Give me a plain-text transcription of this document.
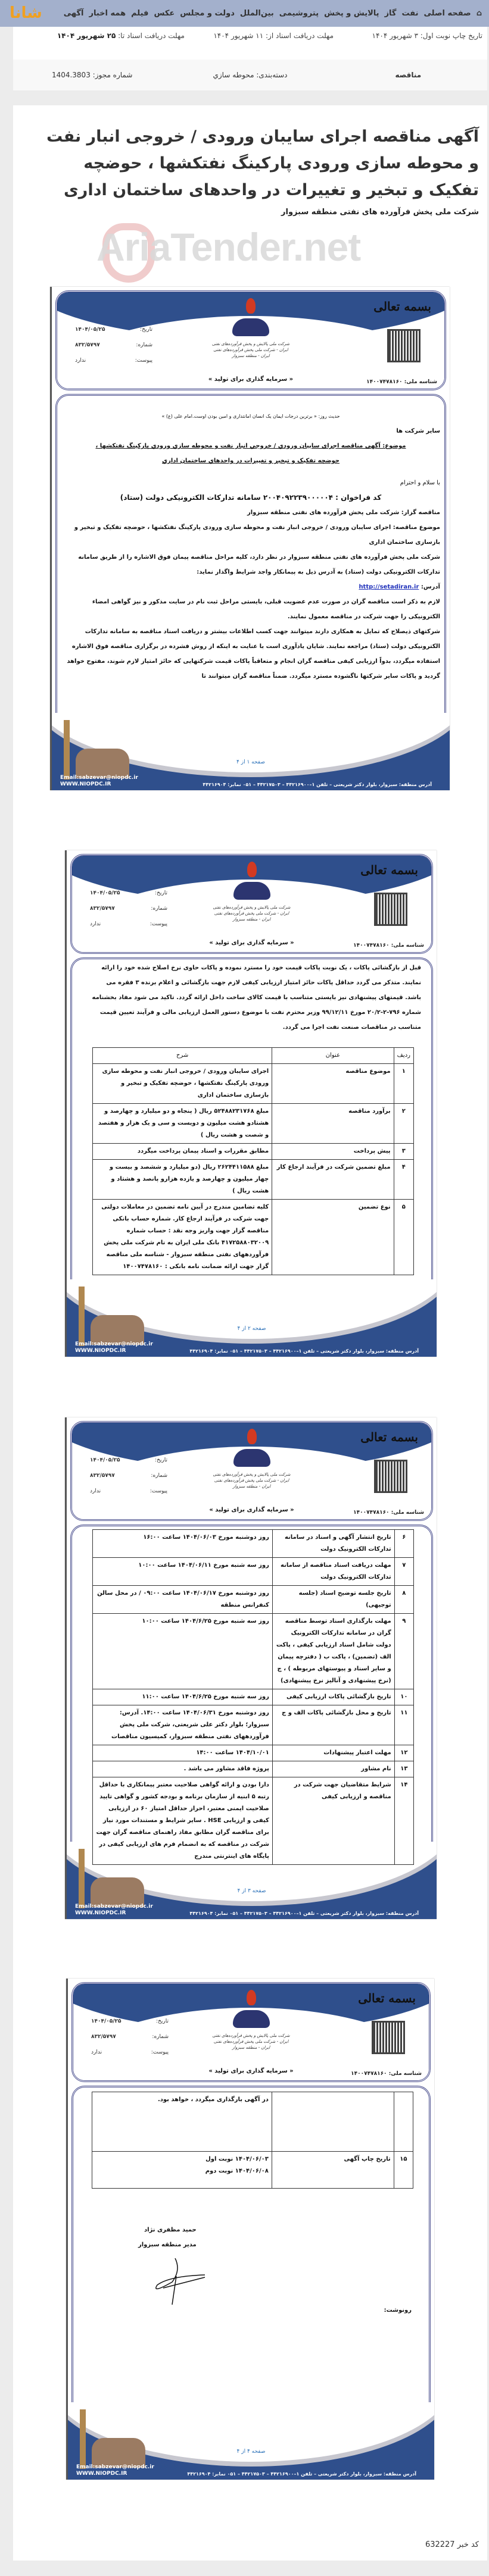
⌂
صفحه اصلی
نفت
گاز
پالایش و پخش
پتروشیمی
بین‌الملل
دولت و مجلس
عکس
فیلم
همه اخبار
آگهی
شانا
تاریخ چاپ نوبت اول: ۳ شهریور ۱۴۰۴
مهلت دریافت اسناد از: ۱۱ شهریور ۱۴۰۴
مهلت دریافت اسناد تا: ۲۵ شهریور ۱۴۰۴
مناقصه
دسته‌بندی: محوطه سازي
شماره مجوز: 1404.3803
AriaTender.net
آگهی مناقصه اجرای سایبان ورودی / خروجی انبار نفت و محوطه سازی ورودی پارکینگ نفتکشها ، حوضچه تفکیک و تبخیر و تغییرات در واحدهای ساختمان اداری
شرکت ملی پخش فرآورده های نفتی منطقه سبزوار
کد خبر 632227
بسمه تعالی
شناسه ملی: ۱۴۰۰۷۴۷۸۱۶۰
شرکت ملی پالایش و پخش فرآورده‌های نفتی ایران - شرکت ملی پخش فرآورده‌های نفتی ایران - منطقه سبزوار
« سرمایه گذاری برای تولید »
تاریخ:
۱۴۰۴/۰۵/۲۵
شماره:
۸۳۲/۵۷۹۷
پیوست:
ندارد
صفحه ۱ از ۴
آدرس منطقه: سبزوار، بلوار دکتر شریعتی – تلفن ۱–۴۴۲۱۶۹۰۰ – ۴۴۲۱۷۵۰۳ – ۰۵۱ نمابر: ۴۴۲۱۶۹۰۴
Email:sabzevar@niopdc.ir
WWW.NIOPDC.IR

حدیث روز: « برترین درجات ایمان یک انسان امانتداری و امین بودن اوست.امام علی (ع) »

سایر شرکت ها

موضوع: آگهی مناقصه اجرای سایبان ورودي / خروجي انبار نفت و محوطه سازي ورودي پارکينگ نفتکشها ، حوضچه تفکيک و تبخير و تغييرات در واحدهاي ساختمان اداري

با سلام و احترام

کد فراخوان : ۲۰۰۴۰۹۲۲۳۹۰۰۰۰۰۴ سامانه تدارکات الکترونیکی دولت (ستاد)

مناقصه گزار: شرکت ملی پخش فرآورده های نفتی منطقه سبزوار

موضوع مناقصه: اجرای سایبان ورودی / خروجی انبار نفت و محوطه سازی ورودی پارکینگ نفتکشها ، حوضچه تفکیک و تبخیر و بازسازی ساختمان اداری

شرکت ملی پخش فرآورده های نفتی منطقه سبزوار در نظر دارد، کلیه مراحل مناقصه پیمان فوق الاشاره را از طریق سامانه تدارکات الکترونیکی دولت (ستاد) به آدرس ذیل به پیمانکار واجد شرایط واگذار نماید:

آدرس: http://setadiran.ir

لازم به ذکر است مناقصه گران در صورت عدم عضویت قبلی، بایستی مراحل ثبت نام در سایت مذکور و نیز گواهی امضاء الکترونیکی را جهت شرکت در مناقصه معمول نمایند.

شرکتهای ذیصلاح که تمایل به همکاری دارند میتوانند جهت کسب اطلاعات بیشتر و دریافت اسناد مناقصه به سامانه تدارکات الکترونیکی دولت (ستاد) مراجعه نمایند. شایان یادآوری است با عنایت به اینکه از روش فشرده در برگزاری مناقصه فوق الاشاره استفاده میگردد، بدواً ارزیابی کیفی مناقصه گران انجام و متعاقباً پاکات قیمت شرکتهایی که حائز امتیاز لازم شوند، مفتوح خواهد گردید و پاکات سایر شرکتها ناگشوده مسترد میگردد. ضمناً مناقصه گران میتوانند تا

بسمه تعالی
شناسه ملی: ۱۴۰۰۷۴۷۸۱۶۰
شرکت ملی پالایش و پخش فرآورده‌های نفتی ایران - شرکت ملی پخش فرآورده‌های نفتی ایران - منطقه سبزوار
« سرمایه گذاری برای تولید »
تاریخ:
۱۴۰۴/۰۵/۲۵
شماره:
۸۳۲/۵۷۹۷
پیوست:
ندارد
صفحه ۲ از ۴
آدرس منطقه: سبزوار، بلوار دکتر شریعتی – تلفن ۱–۴۴۲۱۶۹۰۰ – ۴۴۲۱۷۵۰۳ – ۰۵۱ نمابر: ۴۴۲۱۶۹۰۴
Email:sabzevar@niopdc.ir
WWW.NIOPDC.IR

قبل از بازگشائی پاکات ، یک نوبت پاکات قیمت خود را مسترد نموده و پاکات حاوی نرخ اصلاح شده خود را ارائه نمایند. متذکر می گردد حداقل پاکات حائز امتیاز ارزیابی کیفی لازم جهت بازگشائی و اعلام برنده ۳ فقره می باشد. قیمتهای پیشنهادی نیز بایستی متناسب با قیمت کالای ساخت داخل ارائه گردد. تاکید می شود مفاد بخشنامه شماره ۷۹۶-۲-۲۰/۲ مورخ ۹۹/۱۲/۱۱ وزیر محترم نفت با موضوع دستور العمل ارزیابی مالی و فرآیند تعیین قیمت متناسب در مناقصات صنعت نفت اجرا می گردد.

ردیف	عنوان	شرح
۱	موضوع مناقصه	اجرای سایبان ورودی / خروجی انبار نفت و محوطه سازی ورودی پارکینگ نفتکشها ، حوضچه تفکیک و تبخیر و بازسازی ساختمان اداری
۲	برآورد مناقصه	مبلغ ۵۲۴۸۸۲۳۱۷۶۸ ریال ( پنجاه و دو میلیارد و چهارصد و هشتادو هشت میلیون و دویست و سی و یک هزار و هفتصد و شصت و هشت ریال )
۳	پیش پرداخت	مطابق مقررات و اسناد پیمان پرداخت میگردد
۴	مبلغ تضمین شرکت در فرآیند ارجاع کار	مبلغ ۲۶۲۴۴۱۱۵۸۸ ریال (دو میلیارد و ششصد و بیست و چهار میلیون و چهارصد و یازده هزارو پانصد و هشتاد و هشت ریال )
۵	نوع تضمین	کلیه تضامین مندرج در آیین نامه تضمین در معاملات دولتی جهت شرکت در فرآیند ارجاع کار. شماره حساب بانکی مناقصه گزار جهت واریز وجه نقد : حساب شماره ۴۱۷۲۵۸۸۰۳۲۰۰۹ بانک ملی ایران به نام شرکت ملی پخش فرآوردههای نفتی منطقه سبزوار - شناسه ملی مناقصه گزار جهت ارائه ضمانت نامه بانکی : ۱۴۰۰۷۴۷۸۱۶۰
بسمه تعالی
شناسه ملی: ۱۴۰۰۷۴۷۸۱۶۰
شرکت ملی پالایش و پخش فرآورده‌های نفتی ایران - شرکت ملی پخش فرآورده‌های نفتی ایران - منطقه سبزوار
« سرمایه گذاری برای تولید »
تاریخ:
۱۴۰۴/۰۵/۲۵
شماره:
۸۳۲/۵۷۹۷
پیوست:
ندارد
صفحه ۳ از ۴
آدرس منطقه: سبزوار، بلوار دکتر شریعتی – تلفن ۱–۴۴۲۱۶۹۰۰ – ۴۴۲۱۷۵۰۳ – ۰۵۱ نمابر: ۴۴۲۱۶۹۰۴
Email:sabzevar@niopdc.ir
WWW.NIOPDC.IR
۶	تاریخ انتشار آگهی و اسناد در سامانه تدارکات الکترونیک دولت	روز دوشنبه مورخ ۱۴۰۴/۰۶/۰۳ ساعت ۱۶:۰۰
۷	مهلت دریافت اسناد مناقصه از سامانه تدارکات الکترونیک دولت	روز سه شنبه مورخ ۱۴۰۴/۰۶/۱۱ ساعت ۱۰:۰۰
۸	تاریخ جلسه توضیح اسناد (جلسه توجیهی)	روز دوشنبه مورخ ۱۴۰۴/۰۶/۱۷ ساعت ۰۹:۰۰ / در محل سالن کنفرانس منطقه
۹	مهلت بارگذاری اسناد توسط مناقصه گران در سامانه تدارکات الکترونیک دولت شامل اسناد ارزیابی کیفی ، پاکت الف (تضمین) ، پاکت ب ( دفترچه پیمان و سایر اسناد و پیوستهای مربوطه ) ، ج (نرخ پیشنهادی و آنالیز نرخ پیشنهادی)	روز سه شنبه مورخ ۱۴۰۴/۶/۲۵ ساعت ۱۰:۰۰
۱۰	تاریخ بازگشائی پاکات ارزیابی کیفی	روز سه شنبه مورخ ۱۴۰۴/۶/۲۵ ساعت ۱۱:۰۰
۱۱	تاریخ و محل بازگشائی پاکات الف و ج	روز دوشنبه مورخ ۱۴۰۴/۰۶/۳۱ ساعت ۱۴:۰۰. آدرس: سبزوار؛ بلوار دکتر علی شریعتی، شرکت ملی پخش فرآوردههای نفتی منطقه سبزوار، کمیسیون مناقصات
۱۲	مهلت اعتبار پیشنهادات	۱۴۰۴/۱۰/۰۱ ساعت ۱۴:۰۰
۱۳	نام مشاور	پروژه فاقد مشاور می باشد .
۱۴	شرایط متقاضیان جهت شرکت در مناقصه و ارزیابی کیفی	دارا بودن و ارائه گواهی صلاحیت معتبر پیمانکاری با حداقل رتبه ۵ ابنیه از سازمان برنامه و بودجه کشور و گواهی تایید صلاحیت ایمنی معتبر، احراز حداقل امتیاز ۶۰ در ارزیابی کیفی و ارزیابی HSE . سایر شرایط و مستندات مورد نیاز برای مناقصه گران مطابق مفاد راهنمای مناقصه گران جهت شرکت در مناقصه که به انضمام فرم های ارزیابی کیفی در پایگاه های اینترنتی مندرج
بسمه تعالی
شناسه ملی: ۱۴۰۰۷۴۷۸۱۶۰
شرکت ملی پالایش و پخش فرآورده‌های نفتی ایران - شرکت ملی پخش فرآورده‌های نفتی ایران - منطقه سبزوار
« سرمایه گذاری برای تولید »
تاریخ:
۱۴۰۴/۰۵/۲۵
شماره:
۸۳۲/۵۷۹۷
پیوست:
ندارد
صفحه ۴ از ۴
آدرس منطقه: سبزوار، بلوار دکتر شریعتی – تلفن ۱–۴۴۲۱۶۹۰۰ – ۴۴۲۱۷۵۰۳ – ۰۵۱ نمابر: ۴۴۲۱۶۹۰۴
Email:sabzevar@niopdc.ir
WWW.NIOPDC.IR
		در آگهی بارگذاری میگردد ، خواهد بود.
۱۵	تاریخ چاپ آگهی	۱۴۰۴/۰۶/۰۳ نوبت اول
۱۴۰۴/۰۶/۰۸ نوبت دوم
حمید مظفری نژاد
مدیر منطقه سبزوار
رونوشت:
